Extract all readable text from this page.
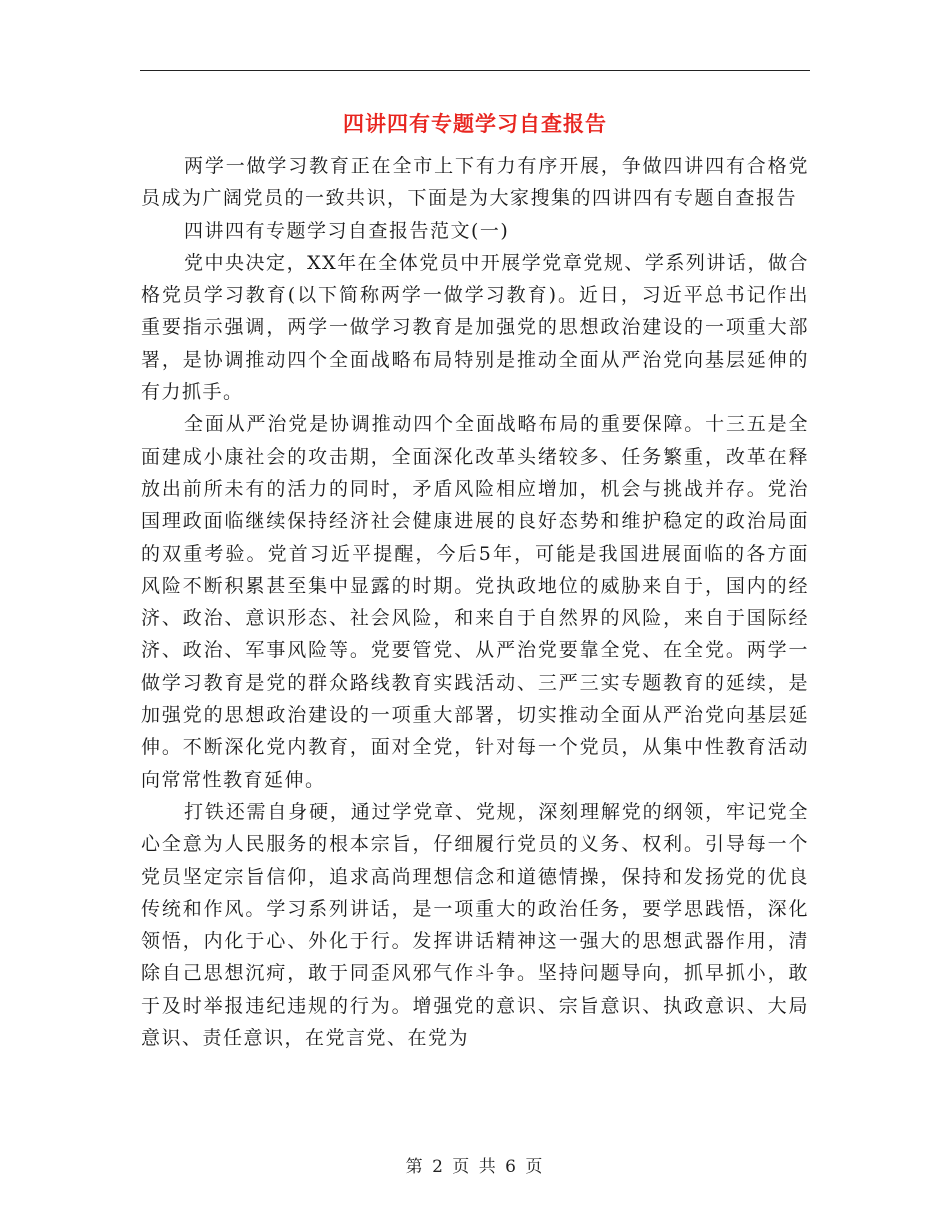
四讲四有专题学习自查报告

两学一做学习教育正在全市上下有力有序开展，争做四讲四有合格党员成为广阔党员的一致共识，下面是为大家搜集的四讲四有专题自查报告

四讲四有专题学习自查报告范文(一)

党中央决定，XX年在全体党员中开展学党章党规、学系列讲话，做合格党员学习教育(以下简称两学一做学习教育)。近日，习近平总书记作出重要指示强调，两学一做学习教育是加强党的思想政治建设的一项重大部署，是协调推动四个全面战略布局特别是推动全面从严治党向基层延伸的有力抓手。

全面从严治党是协调推动四个全面战略布局的重要保障。十三五是全面建成小康社会的攻击期，全面深化改革头绪较多、任务繁重，改革在释放出前所未有的活力的同时，矛盾风险相应增加，机会与挑战并存。党治国理政面临继续保持经济社会健康进展的良好态势和维护稳定的政治局面的双重考验。党首习近平提醒，今后5年，可能是我国进展面临的各方面风险不断积累甚至集中显露的时期。党执政地位的威胁来自于，国内的经济、政治、意识形态、社会风险，和来自于自然界的风险，来自于国际经济、政治、军事风险等。党要管党、从严治党要靠全党、在全党。两学一做学习教育是党的群众路线教育实践活动、三严三实专题教育的延续，是加强党的思想政治建设的一项重大部署，切实推动全面从严治党向基层延伸。不断深化党内教育，面对全党，针对每一个党员，从集中性教育活动向常常性教育延伸。

打铁还需自身硬，通过学党章、党规，深刻理解党的纲领，牢记党全心全意为人民服务的根本宗旨，仔细履行党员的义务、权利。引导每一个党员坚定宗旨信仰，追求高尚理想信念和道德情操，保持和发扬党的优良传统和作风。学习系列讲话，是一项重大的政治任务，要学思践悟，深化领悟，内化于心、外化于行。发挥讲话精神这一强大的思想武器作用，清除自己思想沉疴，敢于同歪风邪气作斗争。坚持问题导向，抓早抓小，敢于及时举报违纪违规的行为。增强党的意识、宗旨意识、执政意识、大局意识、责任意识，在党言党、在党为

第 2 页 共 6 页
